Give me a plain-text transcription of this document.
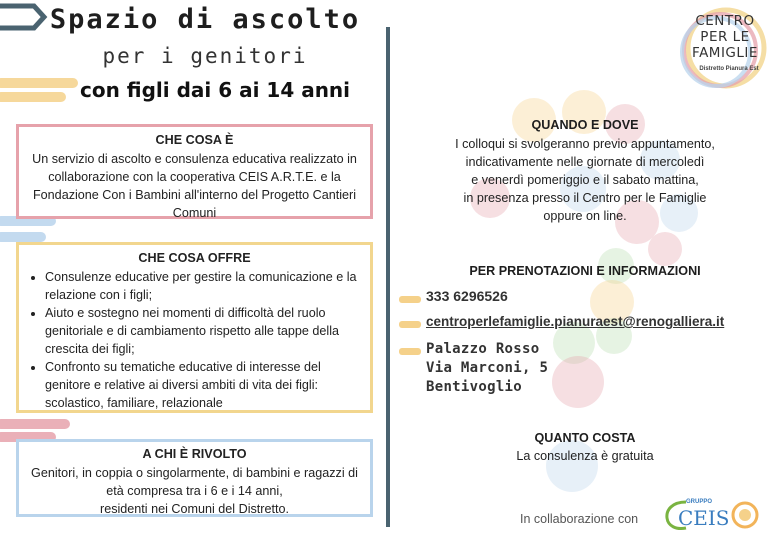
Spazio di ascolto
per i genitori
con figli dai 6 ai 14 anni
CHE COSA È
Un servizio di ascolto e consulenza educativa realizzato in
collaborazione con la cooperativa CEIS A.R.T.E. e la
Fondazione Con i Bambini all'interno del Progetto Cantieri
Comuni
CHE COSA OFFRE
• Consulenze educative per gestire la comunicazione e la relazione con i figli;
• Aiuto e sostegno nei momenti di difficoltà del ruolo genitoriale e di cambiamento rispetto alle tappe della crescita dei figli;
• Confronto su tematiche educative di interesse del genitore e relative ai diversi ambiti di vita dei figli: scolastico, familiare, relazionale
A CHI È RIVOLTO
Genitori, in coppia o singolarmente, di bambini e ragazzi di
età compresa tra i 6 e i 14 anni,
residenti nei Comuni del Distretto.
CENTRO
PER LE
FAMIGLIE
Distretto Pianura Est
QUANDO E DOVE
I colloqui si svolgeranno previo appuntamento,
indicativamente nelle giornate di mercoledì
e venerdì pomeriggio e il sabato mattina,
in presenza presso il Centro per le Famiglie
oppure on line.
PER PRENOTAZIONI E INFORMAZIONI
333 6296526
centroperlefamiglie.pianuraest@renogalliera.it
Palazzo Rosso
Via Marconi, 5
Bentivoglio
QUANTO COSTA
La consulenza è gratuita
In collaborazione con
GRUPPO
CEIS
